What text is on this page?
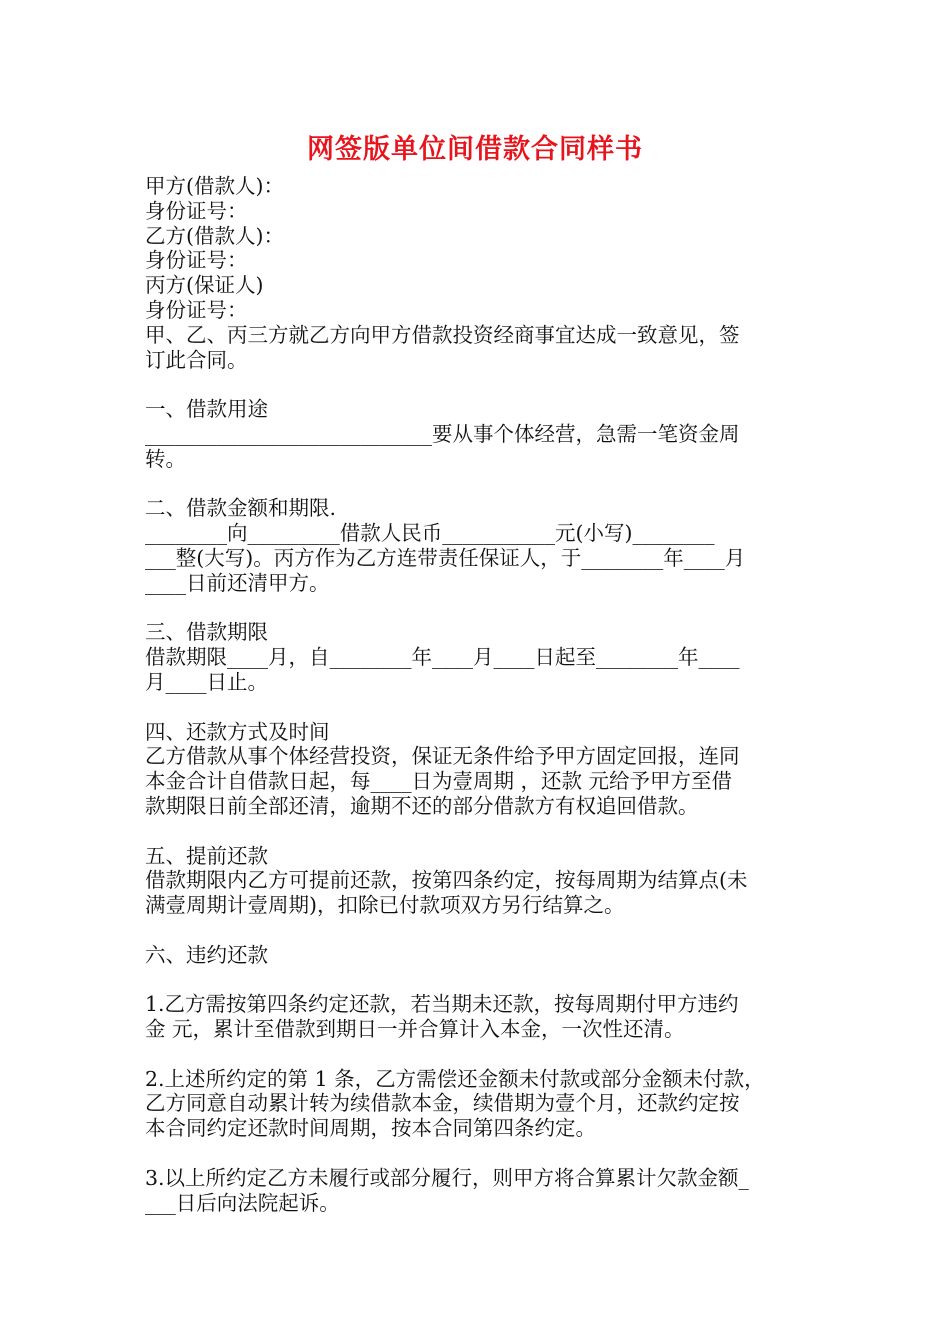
网签版单位间借款合同样书
甲方(借款人)：
身份证号：
乙方(借款人)：
身份证号：
丙方(保证人)
身份证号：
甲、乙、丙三方就乙方向甲方借款投资经商事宜达成一致意见，签
订此合同。
一、借款用途
____________________________要从事个体经营，急需一笔资金周
转。
二、借款金额和期限.
________向_________借款人民币___________元(小写)________
___整(大写)。丙方作为乙方连带责任保证人，于________年____月
____日前还清甲方。
三、借款期限
借款期限____月，自________年____月____日起至________年____
月____日止。
四、还款方式及时间
乙方借款从事个体经营投资，保证无条件给予甲方固定回报，连同
本金合计自借款日起，每____日为壹周期 ，还款 元给予甲方至借
款期限日前全部还清，逾期不还的部分借款方有权追回借款。
五、提前还款
借款期限内乙方可提前还款，按第四条约定，按每周期为结算点(未
满壹周期计壹周期)，扣除已付款项双方另行结算之。
六、违约还款
1.乙方需按第四条约定还款，若当期未还款，按每周期付甲方违约
金 元，累计至借款到期日一并合算计入本金，一次性还清。
2.上述所约定的第 1 条，乙方需偿还金额未付款或部分金额未付款，
乙方同意自动累计转为续借款本金，续借期为壹个月，还款约定按
本合同约定还款时间周期，按本合同第四条约定。
3.以上所约定乙方未履行或部分履行，则甲方将合算累计欠款金额_
___日后向法院起诉。
